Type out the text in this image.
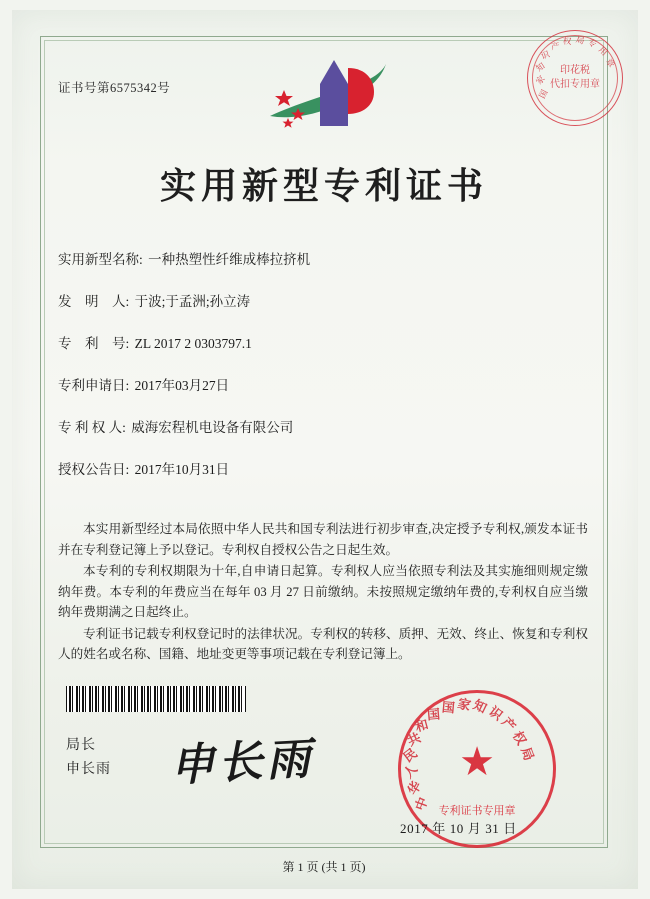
证书号第6575342号	国
家
知
识
产 权 局 专
用
章
印花税
代扣专用章
实用新型专利证书
实用新型名称: 一种热塑性纤维成棒拉挤机
发　明　人: 于波;于孟洲;孙立涛
专　利　号: ZL 2017 2 0303797.1
专利申请日: 2017年03月27日
专 利 权 人: 威海宏程机电设备有限公司
授权公告日: 2017年10月31日
本实用新型经过本局依照中华人民共和国专利法进行初步审查,决定授予专利权,颁发本证书并在专利登记簿上予以登记。专利权自授权公告之日起生效。
本专利的专利权期限为十年,自申请日起算。专利权人应当依照专利法及其实施细则规定缴纳年费。本专利的年费应当在每年 03 月 27 日前缴纳。未按照规定缴纳年费的,专利权自应当缴纳年费期满之日起终止。
专利证书记载专利权登记时的法律状况。专利权的转移、质押、无效、终止、恢复和专利权人的姓名或名称、国籍、地址变更等事项记载在专利登记簿上。
局长
申长雨 申长雨	★
中
华
人
民
共
和
国 国 家
知
识
产
权
局
专利证书专用章
2017 年 10 月 31 日
第 1 页 (共 1 页)
